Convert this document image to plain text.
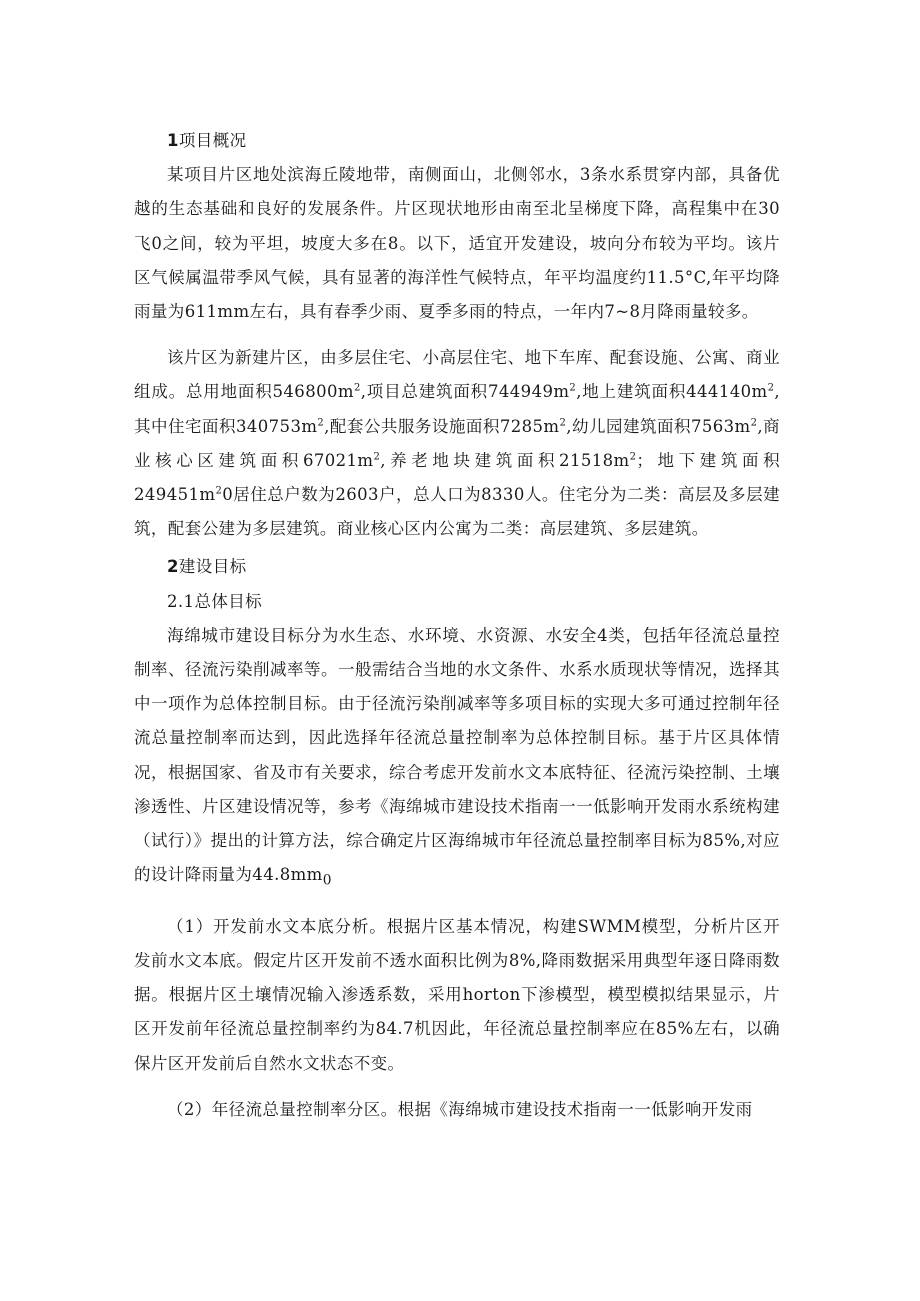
1项目概况

某项目片区地处滨海丘陵地带，南侧面山，北侧邻水，3条水系贯穿内部，具备优越的生态基础和良好的发展条件。片区现状地形由南至北呈梯度下降，高程集中在30飞0之间，较为平坦，坡度大多在8。以下，适宜开发建设，坡向分布较为平均。该片区气候属温带季风气候，具有显著的海洋性气候特点，年平均温度约11.5°C,年平均降雨量为611mm左右，具有春季少雨、夏季多雨的特点，一年内7~8月降雨量较多。

该片区为新建片区，由多层住宅、小高层住宅、地下车库、配套设施、公寓、商业组成。总用地面积$546800m^2$,项目总建筑面积$744949m^2$,地上建筑面积$444140m^2$,其中住宅面积$340753m^2$,配套公共服务设施面积$7285m^2$,幼儿园建筑面积$7563m^2$,商业核心区建筑面积$67021m^2$,养老地块建筑面积$21518m^2$；地下建筑面积$249451m^20$居住总户数为2603户，总人口为8330人。住宅分为二类：高层及多层建筑，配套公建为多层建筑。商业核心区内公寓为二类：高层建筑、多层建筑。

2建设目标

2.1总体目标

海绵城市建设目标分为水生态、水环境、水资源、水安全4类，包括年径流总量控制率、径流污染削减率等。一般需结合当地的水文条件、水系水质现状等情况，选择其中一项作为总体控制目标。由于径流污染削减率等多项目标的实现大多可通过控制年径流总量控制率而达到，因此选择年径流总量控制率为总体控制目标。基于片区具体情况，根据国家、省及市有关要求，综合考虑开发前水文本底特征、径流污染控制、土壤渗透性、片区建设情况等，参考《海绵城市建设技术指南一一低影响开发雨水系统构建（试行）》提出的计算方法，综合确定片区海绵城市年径流总量控制率目标为85%,对应的设计降雨量为$44.8mm_0$

（1）开发前水文本底分析。根据片区基本情况，构建SWMM模型，分析片区开发前水文本底。假定片区开发前不透水面积比例为8%,降雨数据采用典型年逐日降雨数据。根据片区土壤情况输入渗透系数，采用horton下渗模型，模型模拟结果显示，片区开发前年径流总量控制率约为84.7机因此，年径流总量控制率应在85%左右，以确保片区开发前后自然水文状态不变。

（2）年径流总量控制率分区。根据《海绵城市建设技术指南一一低影响开发雨
